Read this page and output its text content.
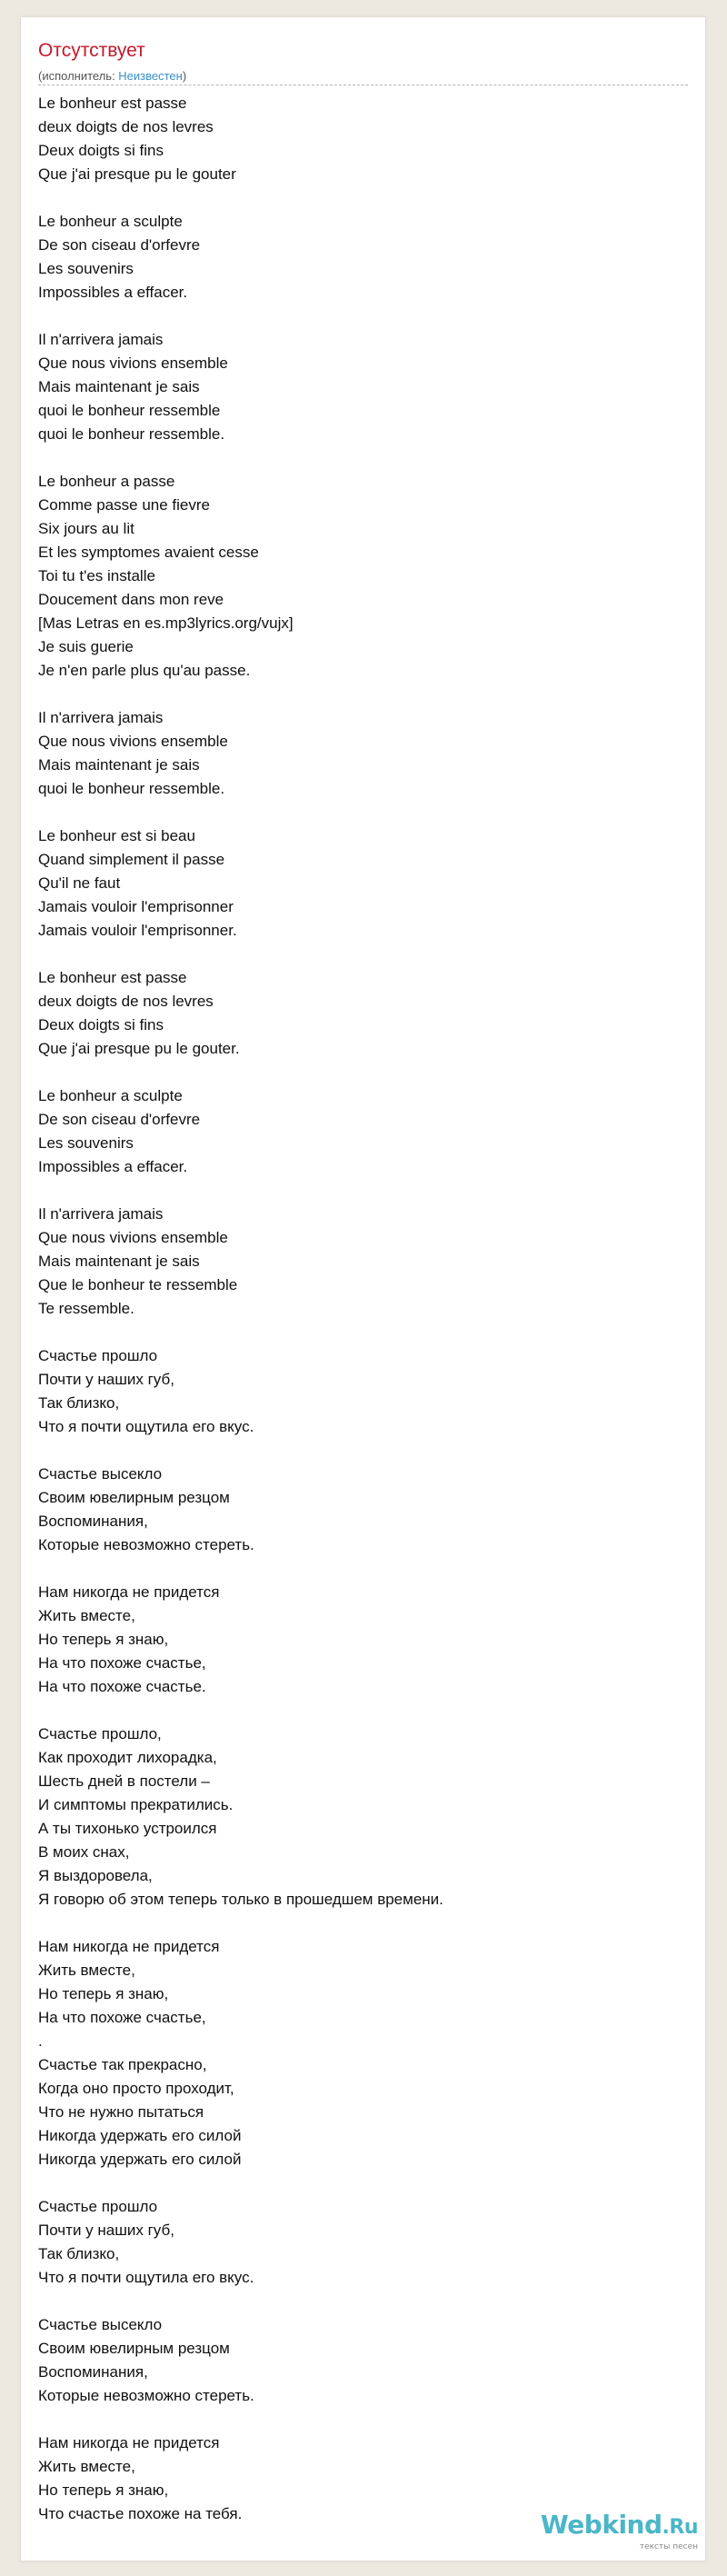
Отсутствует
(исполнитель: Неизвестен)
Le bonheur est passe
deux doigts de nos levres
Deux doigts si fins
Que j'ai presque pu le gouter
Le bonheur a sculpte
De son ciseau d'orfevre
Les souvenirs
Impossibles a effacer.
Il n'arrivera jamais
Que nous vivions ensemble
Mais maintenant je sais
quoi le bonheur ressemble
quoi le bonheur ressemble.
Le bonheur a passe
Comme passe une fievre
Six jours au lit
Et les symptomes avaient cesse
Toi tu t'es installe
Doucement dans mon reve
[Mas Letras en es.mp3lyrics.org/vujx]
Je suis guerie
Je n'en parle plus qu'au passe.
Il n'arrivera jamais
Que nous vivions ensemble
Mais maintenant je sais
quoi le bonheur ressemble.
Le bonheur est si beau
Quand simplement il passe
Qu'il ne faut
Jamais vouloir l'emprisonner
Jamais vouloir l'emprisonner.
Le bonheur est passe
deux doigts de nos levres
Deux doigts si fins
Que j'ai presque pu le gouter.
Le bonheur a sculpte
De son ciseau d'orfevre
Les souvenirs
Impossibles a effacer.
Il n'arrivera jamais
Que nous vivions ensemble
Mais maintenant je sais
Que le bonheur te ressemble
Te ressemble.
Счастье прошло
Почти у наших губ,
Так близко,
Что я почти ощутила его вкус.
Счастье высекло
Своим ювелирным резцом
Воспоминания,
Которые невозможно стереть.
Нам никогда не придется
Жить вместе,
Но теперь я знаю,
На что похоже счастье,
На что похоже счастье.
Счастье прошло,
Как проходит лихорадка,
Шесть дней в постели –
И симптомы прекратились.
А ты тихонько устроился
В моих снах,
Я выздоровела,
Я говорю об этом теперь только в прошедшем времени.
Нам никогда не придется
Жить вместе,
Но теперь я знаю,
На что похоже счастье,
.
Счастье так прекрасно,
Когда оно просто проходит,
Что не нужно пытаться
Никогда удержать его силой
Никогда удержать его силой
Счастье прошло
Почти у наших губ,
Так близко,
Что я почти ощутила его вкус.
Счастье высекло
Своим ювелирным резцом
Воспоминания,
Которые невозможно стереть.
Нам никогда не придется
Жить вместе,
Но теперь я знаю,
Что счастье похоже на тебя.	Webkind.Ru
тексты песен
